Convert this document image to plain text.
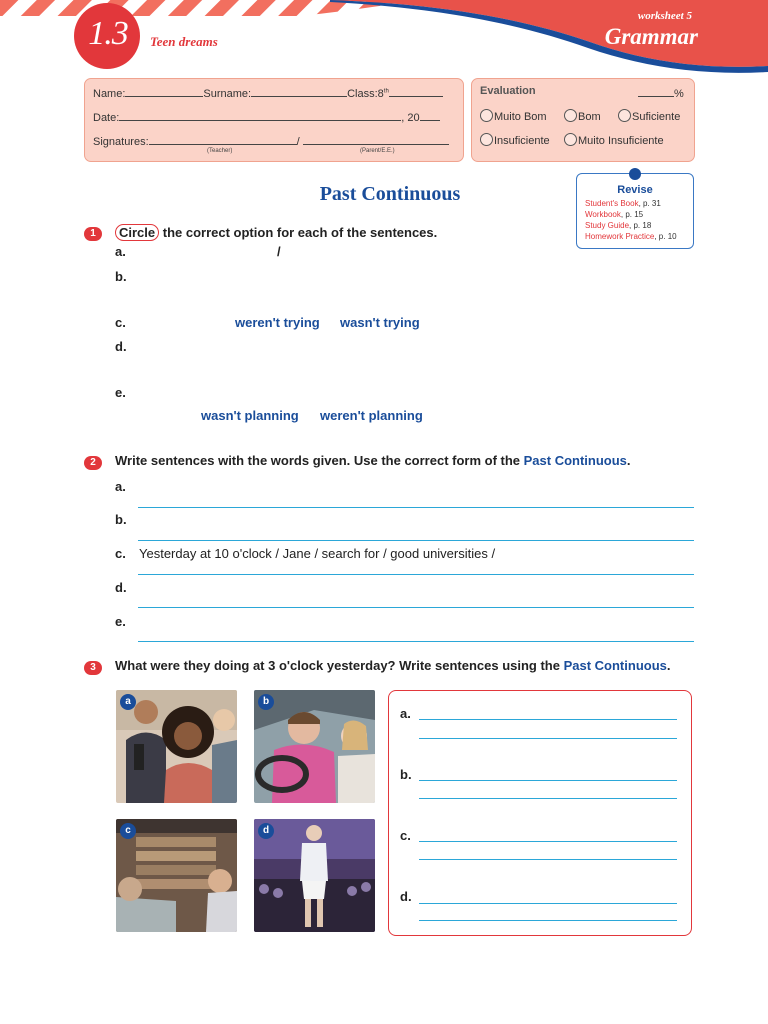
1.3	Teen dreams
worksheet 5
Grammar
Name:	Surname:	Class:8th
Date:	, 20
Signatures:	/
(Teacher)	(Parent/E.E.)
Evaluation	%
Muito Bom	Bom	Suficiente
Insuficiente	Muito Insuficiente
Past Continuous	Revise
Student's Book, p. 31
Workbook, p. 15
Study Guide, p. 18
Homework Practice, p. 10
1	Circle the correct option for each of the sentences.
a.	/
b.
c.	weren't trying wasn't trying
d.
e.
wasn't planning weren't planning
2	Write sentences with the words given. Use the correct form of the Past Continuous.
a.
b.
c. Yesterday at 10 o'clock / Jane / search for / good universities /
d.
e.
3	What were they doing at 3 o'clock yesterday? Write sentences using the Past Continuous.
a	b
c	d
a.
b.
c.
d.
